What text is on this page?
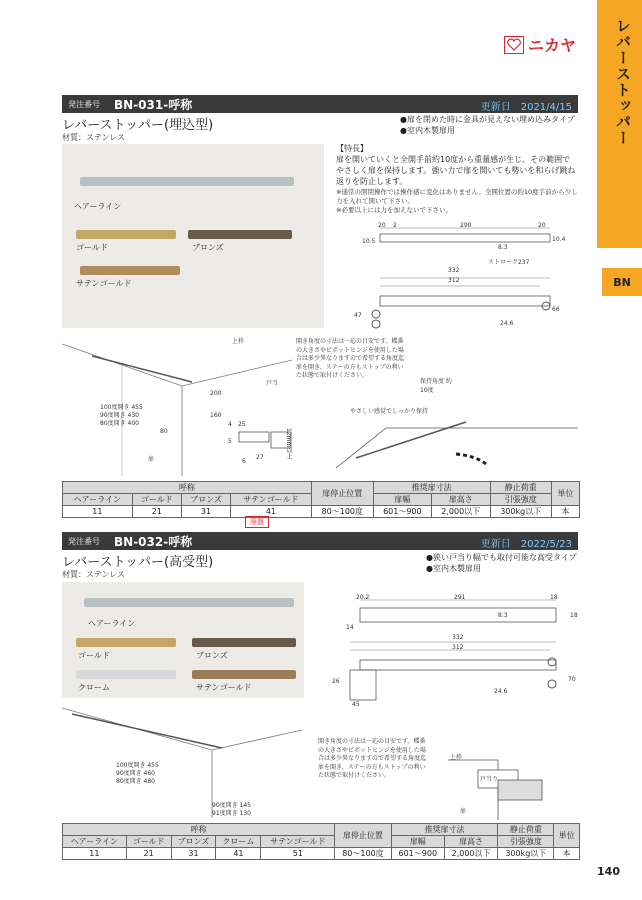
レバーストッパー
BN
ニカヤ
発注番号 BN-031-呼称	更新日　2021/4/15
レバーストッパー(埋込型)
材質：ステンレス
●扉を閉めた時に金具が見えない埋め込みタイプ
●室内木製扉用
ヘアーライン
ゴールド	ブロンズ
サテンゴールド
【特長】
扉を開いていくと全開手前約10度から重量感が生じ、その範囲でやさしく扉を保持します。強い力で扉を開いても勢いを和らげ跳ね返りを防止します。
※通常の開閉操作では操作感に変化はありません。全開位置の約10度手前から少し力を入れて開いて下さい。
※必要以上には力を加えないで下さい。
20 2	290	20
10.5
8.3
10.4
ストローク237
332
312
47
66
24.6
上枠
戸当
100度開き 455
90度開き 430
80度開き 400
200
160
80
扉
4 25
5
6
27	12mm以上
開き角度の寸法は一応の目安です。蝶番の大きさやピボットヒンジを使用した場合は多少異なりますので希望する角度迄扉を開き、ステーの方もストップの利いた状態で取付けください。
保持角度 約10度
やさしい感覚でしっかり保持
呼称				扉停止位置	推奨扉寸法		静止荷重	単位
ヘアーライン	ゴールド	ブロンズ	サテンゴールド		扉幅	扉高さ	引張強度	
11	21	31	41	80～100度	601～900	2,000以下	300kg以下	本
廃盤
発注番号 BN-032-呼称	更新日　2022/5/23
レバーストッパー(高受型)
材質：ステンレス
●狭い戸当り幅でも取付可能な高受タイプ
●室内木製扉用
ヘアーライン
ゴールド	ブロンズ
クローム	サテンゴールド
20.2	291	18
14
8.3	18
332
312
26	70
24.6
45
100度開き 455
90度開き 460
80度開き 480
90度開き 145
91度開き 130
開き角度の寸法は一応の目安です。蝶番の大きさやピボットヒンジを使用した場合は多少異なりますので希望する角度迄扉を開き、ステーの方もストップの利いた状態で取付けください。
上枠
戸当り
扉
呼称					扉停止位置	推奨扉寸法		静止荷重	単位
ヘアーライン	ゴールド	ブロンズ	クローム	サテンゴールド		扉幅	扉高さ	引張強度	
11	21	31	41	51	80～100度	601～900	2,000以下	300kg以下	本
140
